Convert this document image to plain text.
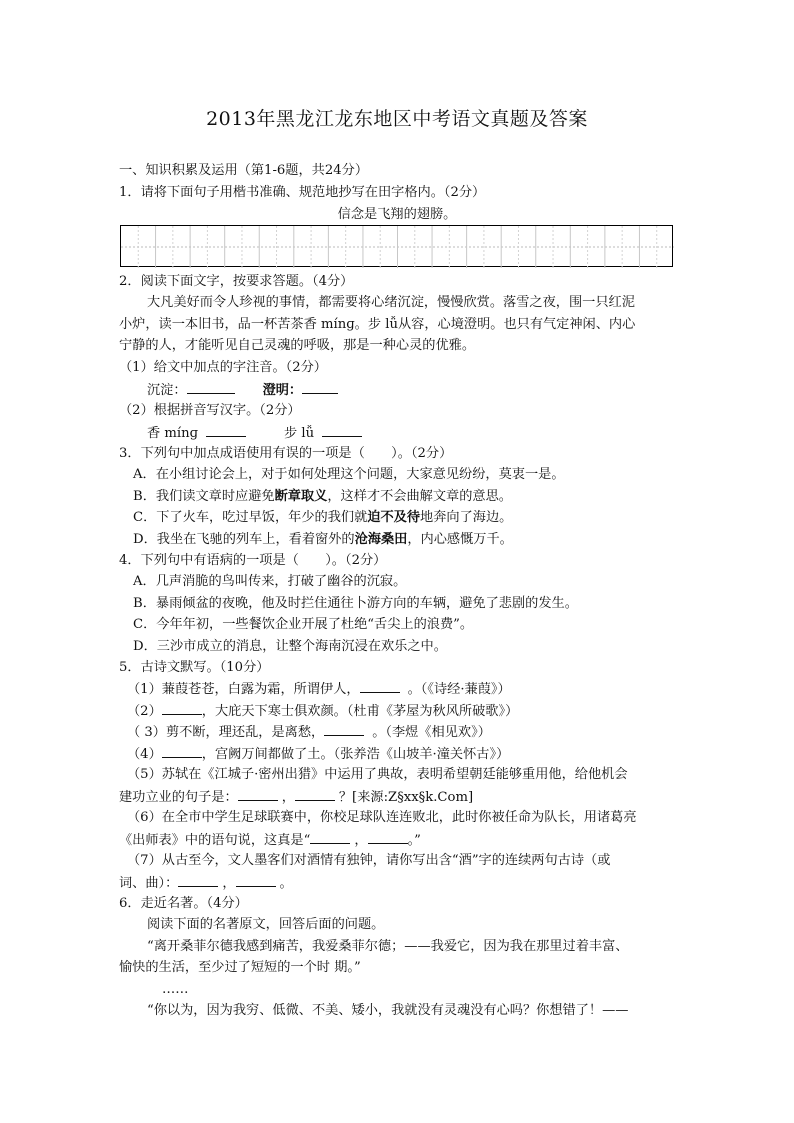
2013年黑龙江龙东地区中考语文真题及答案
一、知识积累及运用（第1-6题，共24分）
1．请将下面句子用楷书准确、规范地抄写在田字格内。（2分）
信念是飞翔的翅膀。
2．阅读下面文字，按要求答题。（4分）
大凡美好而令人珍视的事情，都需要将心绪沉淀，慢慢欣赏。落雪之夜，围一只红泥
小炉，读一本旧书，品一杯苦茶香 mínɡ。步 lǚ从容，心境澄明。也只有气定神闲、内心
宁静的人，才能听见自己灵魂的呼吸，那是一种心灵的优雅。
（1）给文中加点的字注音。（2分）
沉淀：	澄明：
（2）根据拼音写汉字。（2分）
香 mínɡ	步 lǚ
3．下列句中加点成语使用有误的一项是（　　）。（2分）
A．在小组讨论会上，对于如何处理这个问题，大家意见纷纷，莫衷一是。
B．我们读文章时应避免断章取义，这样才不会曲解文章的意思。
C．下了火车，吃过早饭，年少的我们就迫不及待地奔向了海边。
D．我坐在飞驰的列车上，看着窗外的沧海桑田，内心感慨万千。
4．下列句中有语病的一项是（　　）。（2分）
A．几声消脆的鸟叫传来，打破了幽谷的沉寂。
B．暴雨倾盆的夜晚，他及时拦住通往卜游方向的车辆，避免了悲剧的发生。
C．今年年初，一些餐饮企业开展了杜绝“舌尖上的浪费”。
D．三沙市成立的消息，让整个海南沉浸在欢乐之中。
5．古诗文默写。（10分）
（1）蒹葭苍苍，白露为霜，所谓伊人，	。（《诗经·蒹葭》）
（2）	，大庇天下寒士俱欢颜。（杜甫《茅屋为秋风所破歌》）
（ 3）剪不断，理还乱，是离愁，	。（李煜《相见欢》）
（4）	，宫阙万间都做了土。（张养浩《山坡羊·潼关怀古》）
（5）苏轼在《江城子·密州出猎》中运用了典故，表明希望朝廷能够重用他，给他机会
建功立业的句子是：	，	？[来源:Z§xx§k.Com]
（6）在全市中学生足球联赛中，你校足球队连连败北，此时你被任命为队长，用诸葛亮
《出师表》中的语句说，这真是“	，	。”
（7）从古至今，文人墨客们对酒情有独钟，请你写出含“酒”字的连续两句古诗（或
词、曲）：	，	。
6．走近名著。（4分）
阅读下面的名著原文，回答后面的问题。
“离开桑菲尔德我感到痛苦，我爱桑菲尔德；——我爱它，因为我在那里过着丰富、
愉快的生活，至少过了短短的一个时 期。”
……
“你以为，因为我穷、低微、不美、矮小，我就没有灵魂没有心吗？你想错了！——
